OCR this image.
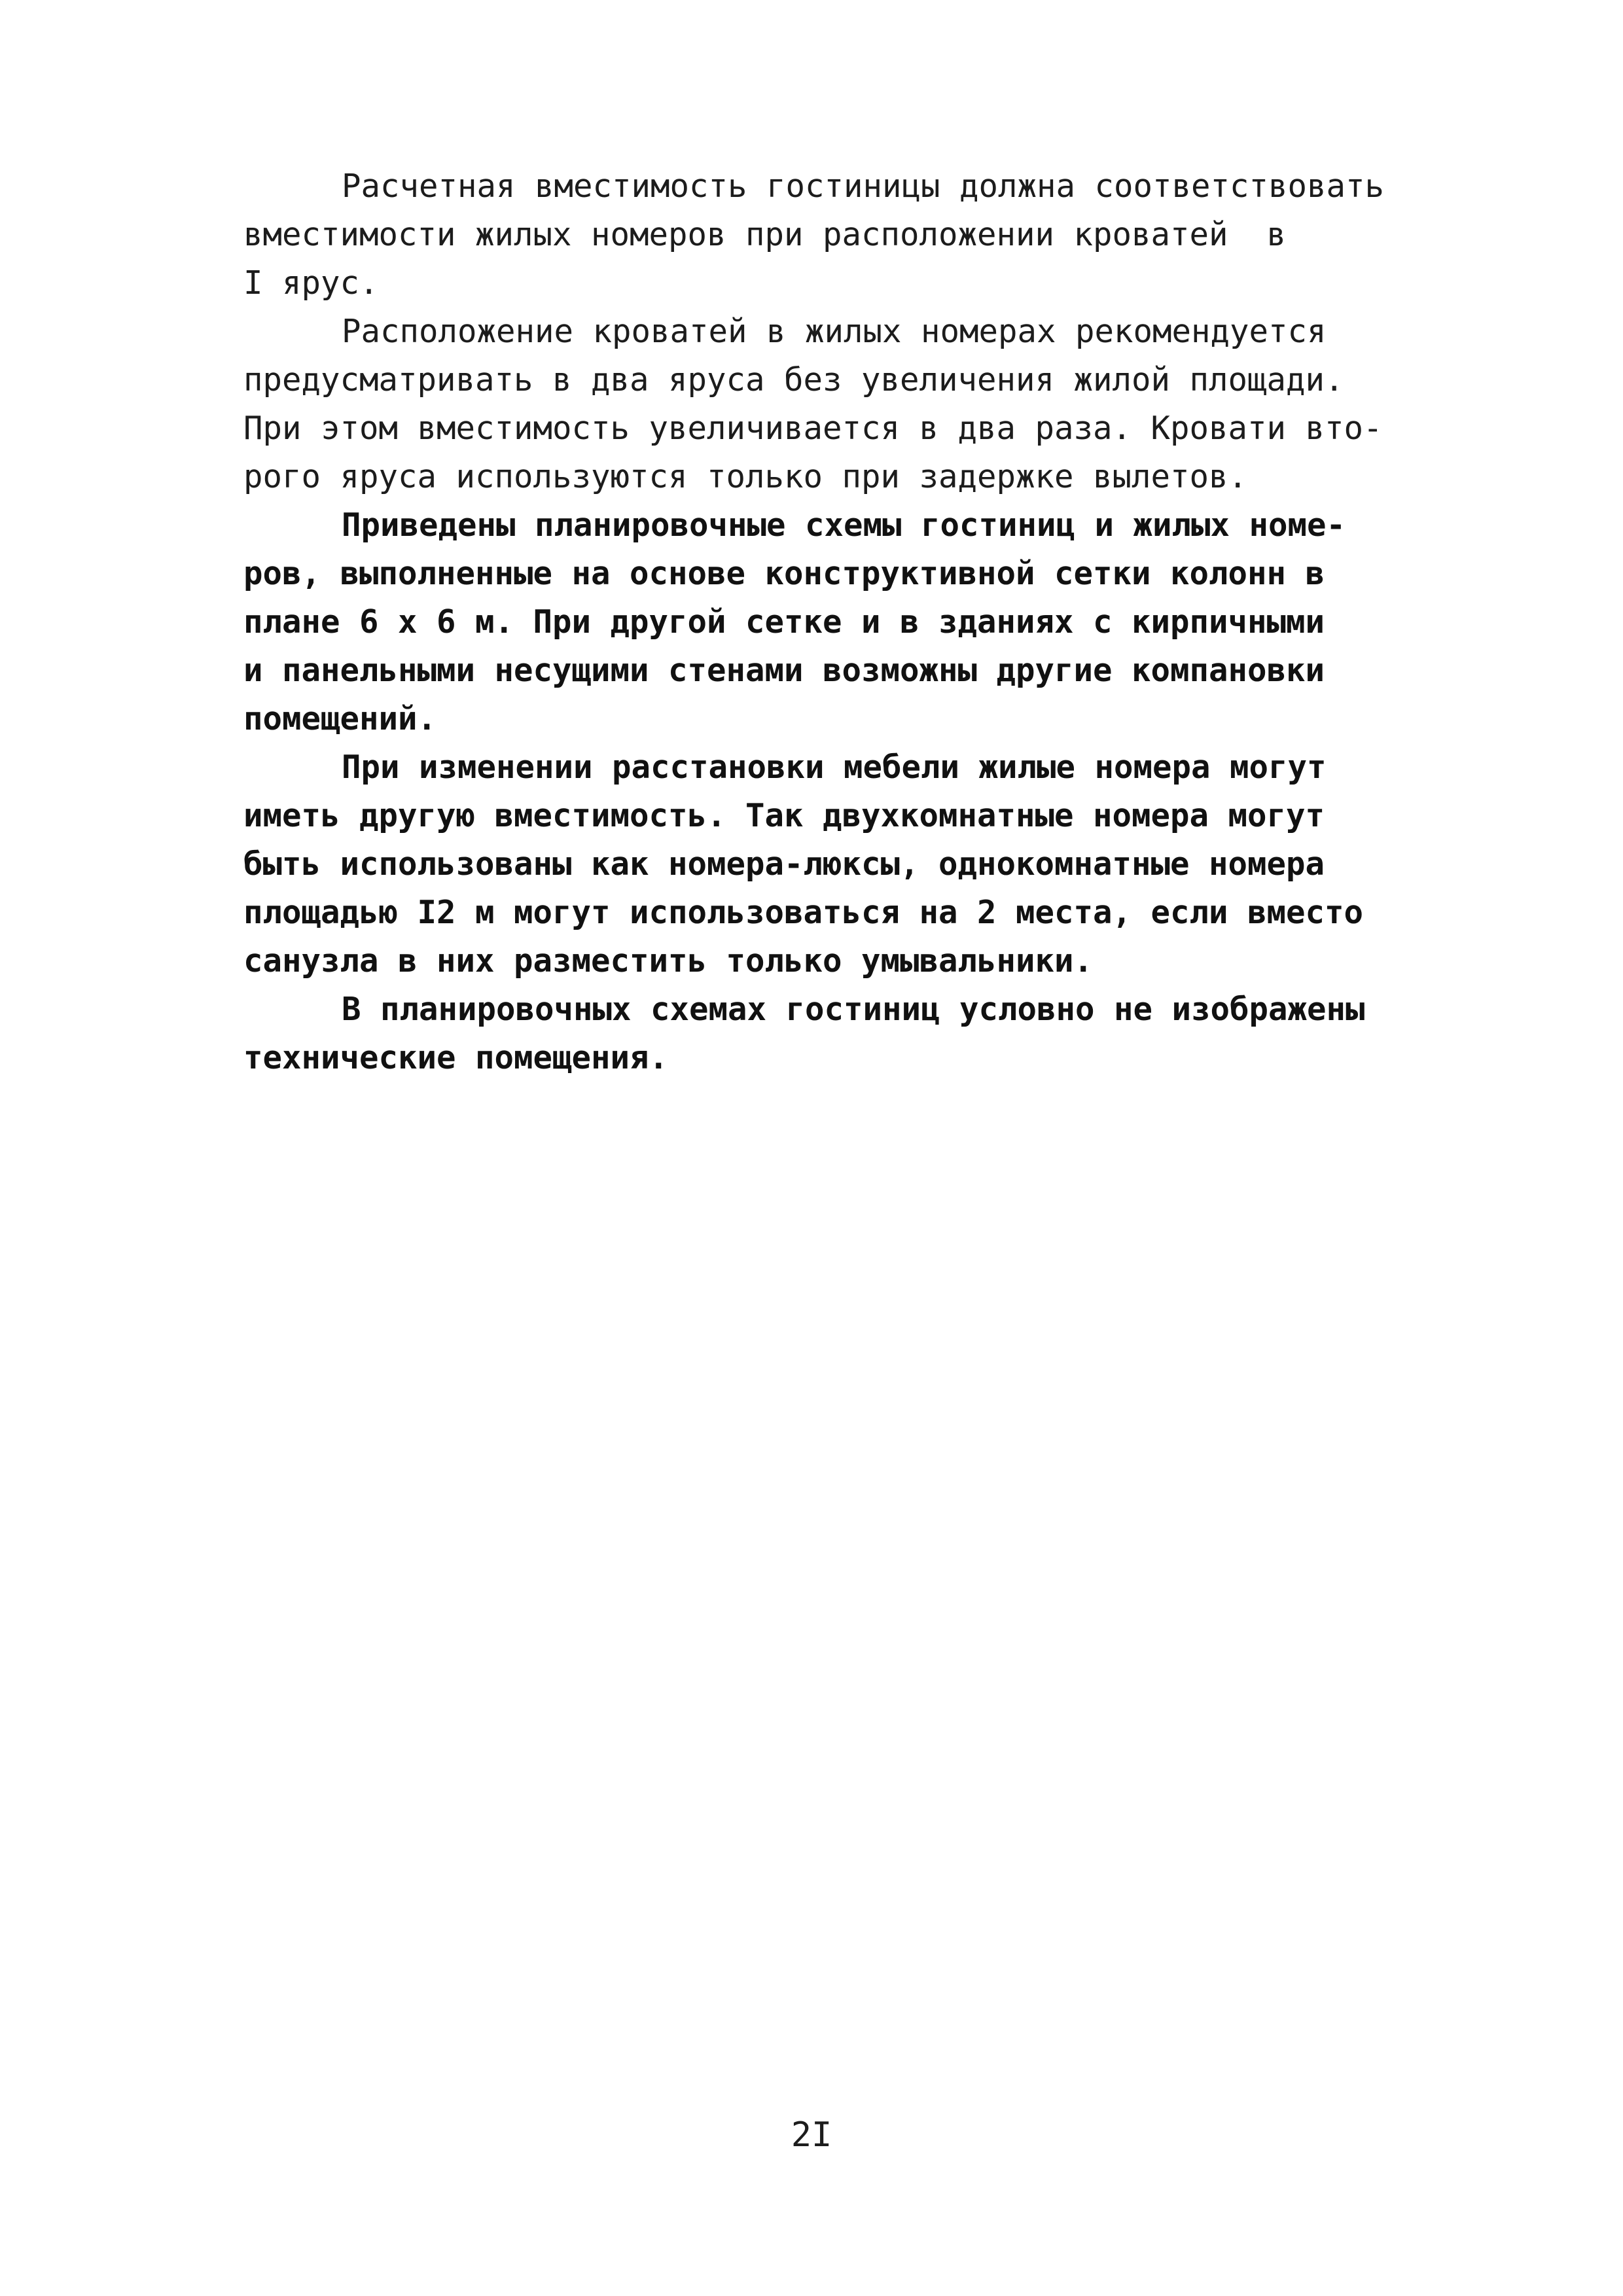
Расчетная вместимость гостиницы должна соответствовать
вместимости жилых номеров при расположении кроватей  в
I ярус.
Расположение кроватей в жилых номерах рекомендуется
предусматривать в два яруса без увеличения жилой площади.
При этом вместимость увеличивается в два раза. Кровати вто-
рого яруса используются только при задержке вылетов.
Приведены планировочные схемы гостиниц и жилых номе-
ров, выполненные на основе конструктивной сетки колонн в
плане 6 х 6 м. При другой сетке и в зданиях с кирпичными
и панельными несущими стенами возможны другие компановки
помещений.
При изменении расстановки мебели жилые номера могут
иметь другую вместимость. Так двухкомнатные номера могут
быть использованы как номера-люксы, однокомнатные номера
площадью I2 м могут использоваться на 2 места, если вместо
санузла в них разместить только умывальники.
В планировочных схемах гостиниц условно не изображены
технические помещения.
2I
